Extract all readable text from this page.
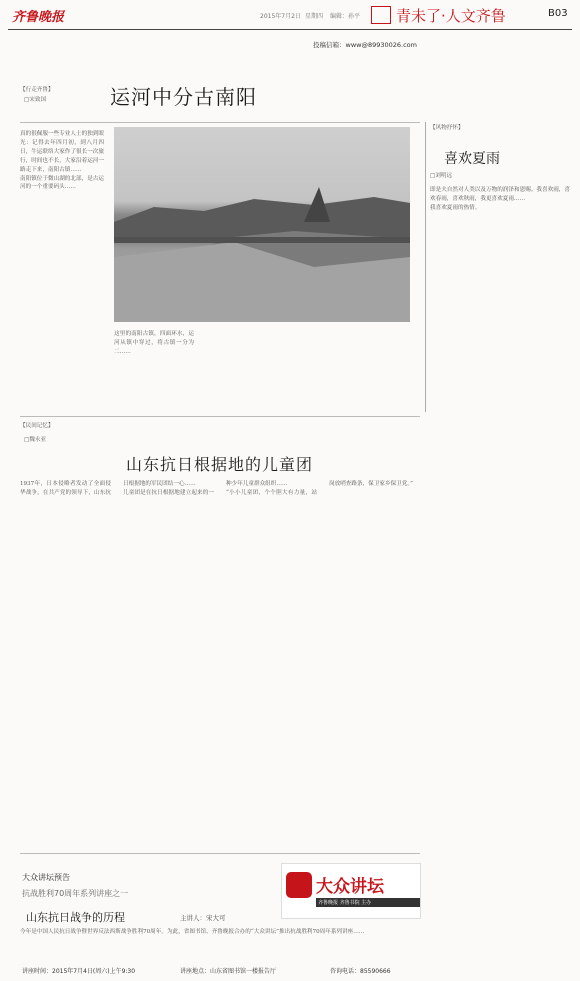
齐鲁晚报	2015年7月2日 星期四 编辑：孙平 青未了·人文齐鲁	B03
投稿信箱：www@89930026.com
运河中分古南阳
【行走齐鲁】
□宋致国
真的很佩服一些专业人士的独到眼光：记得去年四月初，到八月四日，牛运联络大家作了很长一次旅行，时间也不长，大家沿着运河一路走下来，南阳古镇……
南阳镇位于微山湖的北部，是古运河的一个重要码头……
这里的南阳古镇，四面环水，运河从镇中穿过，将古镇一分为二……
【风物抒怀】
喜欢夏雨
□刘明远
即是夫自然对人类以及万物的润泽和恩赐。我喜欢雨，喜欢春雨，喜欢秋雨，我更喜欢夏雨……
我喜欢夏雨的热情。
【民间记忆】
□魏永亚
山东抗日根据地的儿童团
1937年，日本侵略者发动了全面侵华战争，在共产党的领导下，山东抗日根据地的军民团结一心……
儿童团是在抗日根据地建立起来的一种少年儿童群众组织……
“小小儿童团，个个胆大有力量，站岗放哨查路条，保卫家乡保卫党。”
大众讲坛预告
抗战胜利70周年系列讲座之一
山东抗日战争的历程	主讲人：宋大可
大众讲坛
齐鲁晚报 齐鲁书院 主办
今年是中国人民抗日战争暨世界反法西斯战争胜利70周年。为此，省图书馆、齐鲁晚报合办的“大众讲坛”推出抗战胜利70周年系列讲座……
讲座时间：2015年7月4日(周六)上午9:30	讲座地点：山东省图书馆一楼报告厅	咨询电话：85590666
